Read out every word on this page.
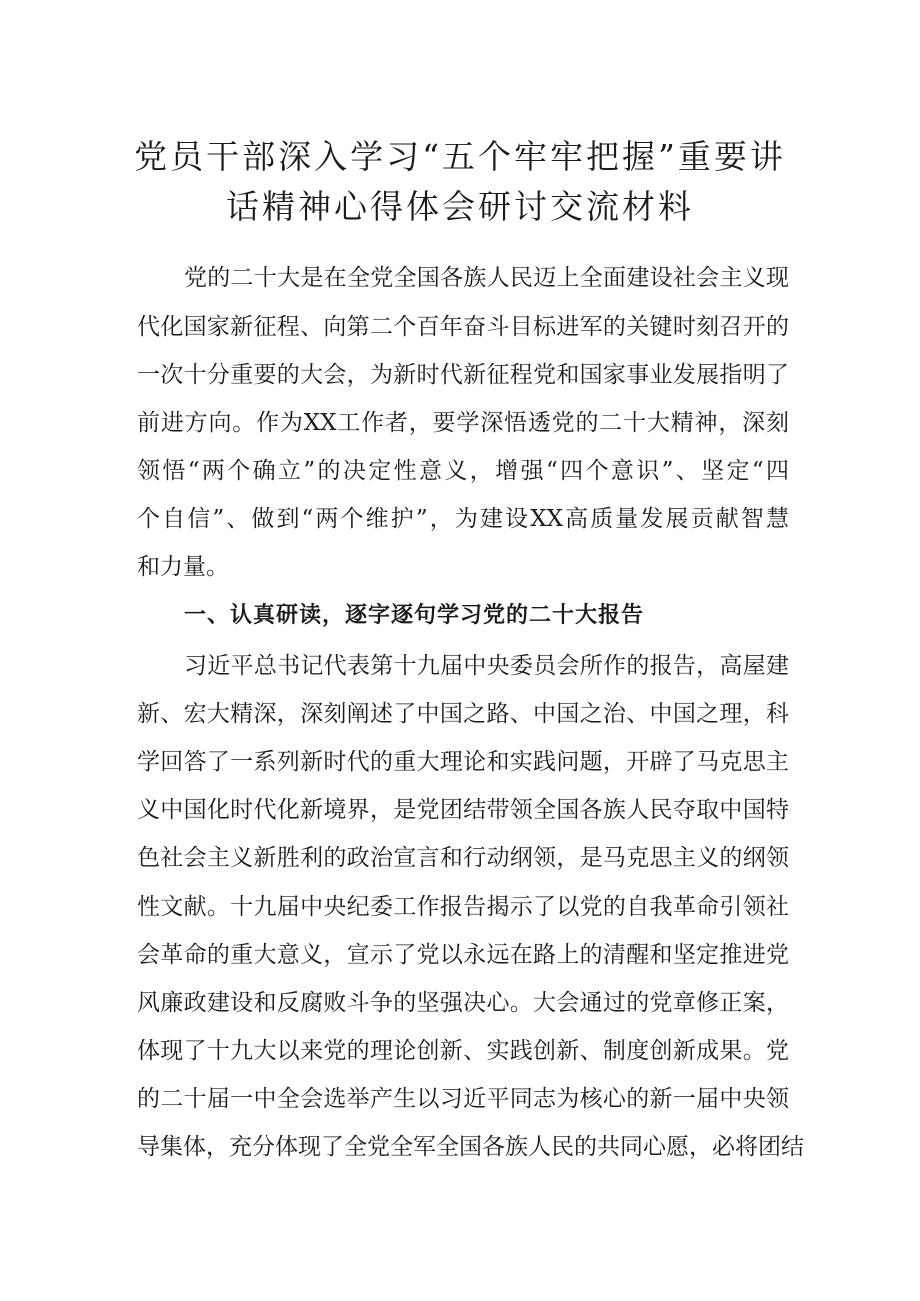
党员干部深入学习“五个牢牢把握”重要讲
话精神心得体会研讨交流材料
党的二十大是在全党全国各族人民迈上全面建设社会主义现
代化国家新征程、向第二个百年奋斗目标进军的关键时刻召开的
一次十分重要的大会，为新时代新征程党和国家事业发展指明了
前进方向。作为XX工作者，要学深悟透党的二十大精神，深刻
领悟“两个确立”的决定性意义，增强“四个意识”、坚定“四
个自信”、做到“两个维护”，为建设XX高质量发展贡献智慧
和力量。
一、认真研读，逐字逐句学习党的二十大报告
习近平总书记代表第十九届中央委员会所作的报告，高屋建
新、宏大精深，深刻阐述了中国之路、中国之治、中国之理，科
学回答了一系列新时代的重大理论和实践问题，开辟了马克思主
义中国化时代化新境界，是党团结带领全国各族人民夺取中国特
色社会主义新胜利的政治宣言和行动纲领，是马克思主义的纲领
性文献。十九届中央纪委工作报告揭示了以党的自我革命引领社
会革命的重大意义，宣示了党以永远在路上的清醒和坚定推进党
风廉政建设和反腐败斗争的坚强决心。大会通过的党章修正案，
体现了十九大以来党的理论创新、实践创新、制度创新成果。党
的二十届一中全会选举产生以习近平同志为核心的新一届中央领
导集体，充分体现了全党全军全国各族人民的共同心愿，必将团结
